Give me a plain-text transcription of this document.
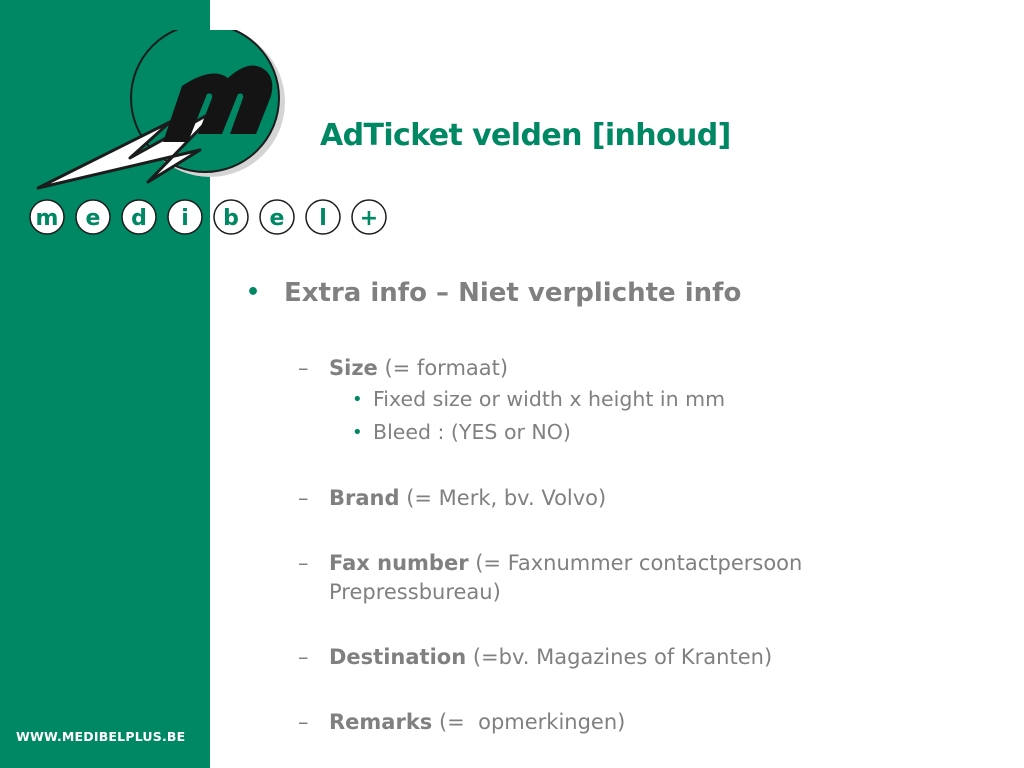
m e d i b e l +
WWW.MEDIBELPLUS.BE
AdTicket velden [inhoud]
• Extra info – Niet verplichte info
– Size (= formaat)
• Fixed size or width x height in mm
• Bleed : (YES or NO)
– Brand (= Merk, bv. Volvo)
– Fax number (= Faxnummer contactpersoon
Prepressbureau)
– Destination (=bv. Magazines of Kranten)
– Remarks (=  opmerkingen)
